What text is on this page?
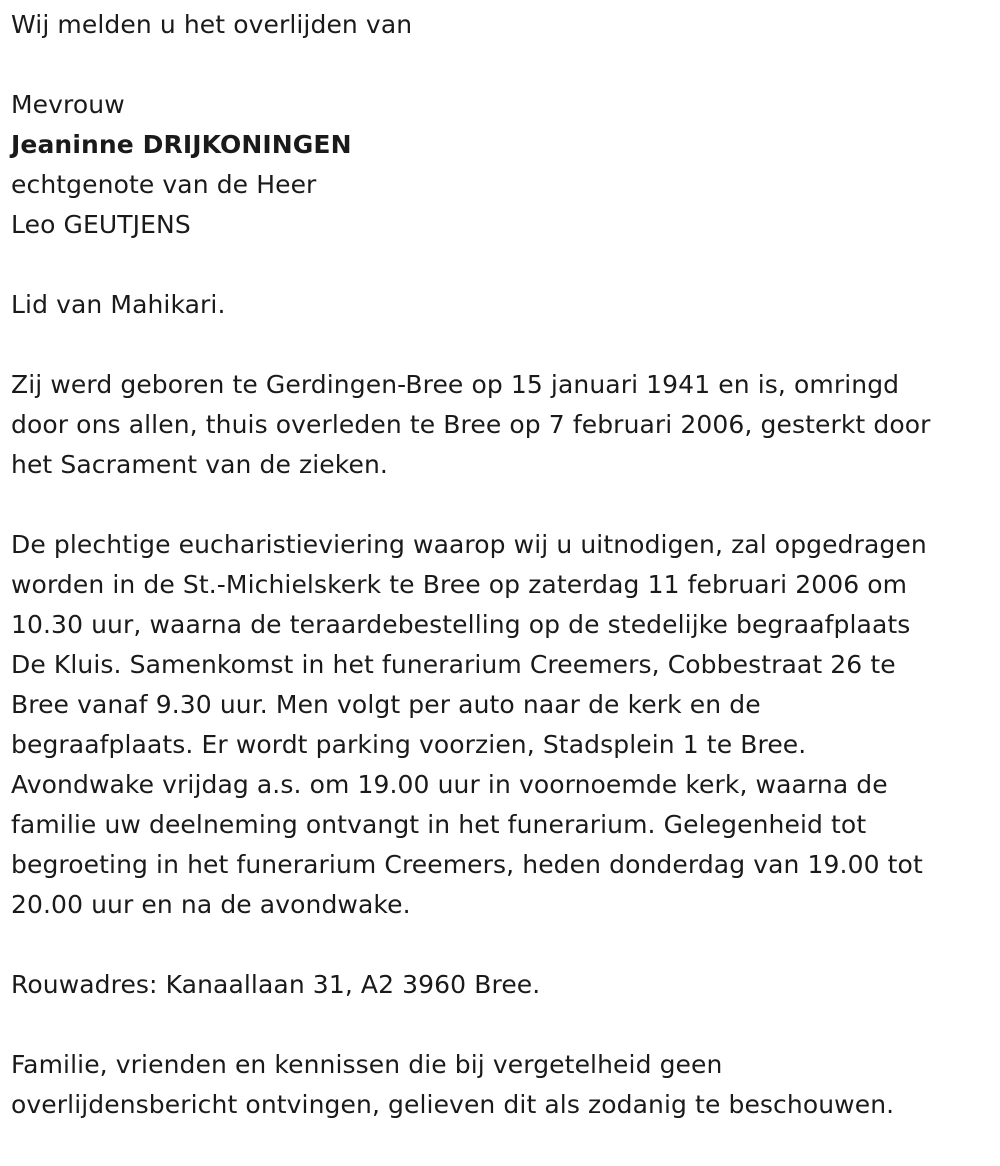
Wij melden u het overlijden van

Mevrouw

Jeaninne DRIJKONINGEN

echtgenote van de Heer

Leo GEUTJENS

Lid van Mahikari.

Zij werd geboren te Gerdingen-Bree op 15 januari 1941 en is, omringd
door ons allen, thuis overleden te Bree op 7 februari 2006, gesterkt door
het Sacrament van de zieken.
De plechtige eucharistieviering waarop wij u uitnodigen, zal opgedragen
worden in de St.-Michielskerk te Bree op zaterdag 11 februari 2006 om
10.30 uur, waarna de teraardebestelling op de stedelijke begraafplaats
De Kluis. Samenkomst in het funerarium Creemers, Cobbestraat 26 te
Bree vanaf 9.30 uur. Men volgt per auto naar de kerk en de
begraafplaats. Er wordt parking voorzien, Stadsplein 1 te Bree.
Avondwake vrijdag a.s. om 19.00 uur in voornoemde kerk, waarna de
familie uw deelneming ontvangt in het funerarium. Gelegenheid tot
begroeting in het funerarium Creemers, heden donderdag van 19.00 tot
20.00 uur en na de avondwake.

Rouwadres: Kanaallaan 31, A2 3960 Bree.

Familie, vrienden en kennissen die bij vergetelheid geen
overlijdensbericht ontvingen, gelieven dit als zodanig te beschouwen.
